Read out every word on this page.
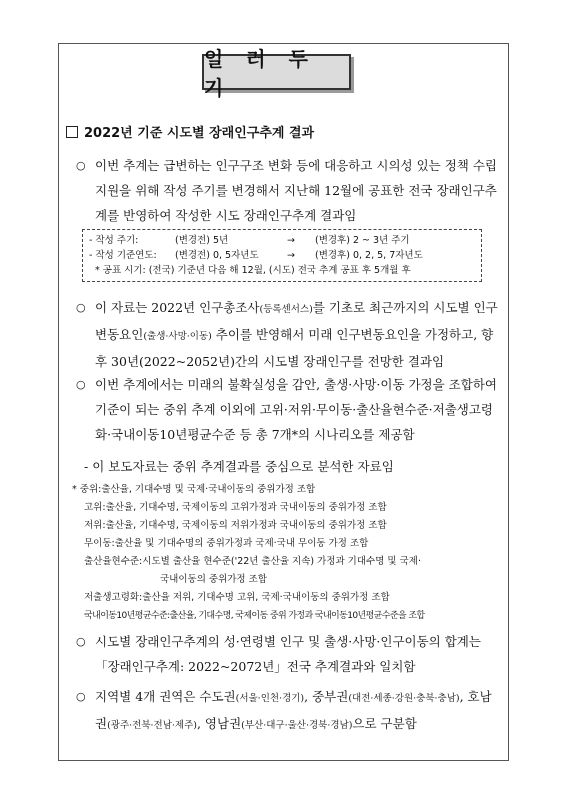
일 러 두 기
2022년 기준 시도별 장래인구추계 결과
○ 이번 추계는 급변하는 인구구조 변화 등에 대응하고 시의성 있는 정책 수립 지원을 위해 작성 주기를 변경해서 지난해 12월에 공표한 전국 장래인구추계를 반영하여 작성한 시도 장래인구추계 결과임
- 작성 주기:	(변경전) 5년	→	(변경후) 2 ~ 3년 주기
- 작성 기준연도:	(변경전) 0, 5자년도	→	(변경후) 0, 2, 5, 7자년도
* 공표 시기: (전국) 기준년 다음 해 12월, (시도) 전국 추계 공표 후 5개월 후
○ 이 자료는 2022년 인구총조사(등록센서스)를 기초로 최근까지의 시도별 인구변동요인(출생·사망·이동) 추이를 반영해서 미래 인구변동요인을 가정하고, 향후 30년(2022~2052년)간의 시도별 장래인구를 전망한 결과임
○ 이번 추계에서는 미래의 불확실성을 감안, 출생·사망·이동 가정을 조합하여 기준이 되는 중위 추계 이외에 고위·저위·무이동·출산율현수준·저출생고령화·국내이동10년평균수준 등 총 7개*의 시나리오를 제공함
- 이 보도자료는 중위 추계결과를 중심으로 분석한 자료임
* 중위: 출산율, 기대수명 및 국제·국내이동의 중위가정 조합
고위: 출산율, 기대수명, 국제이동의 고위가정과 국내이동의 중위가정 조합
저위: 출산율, 기대수명, 국제이동의 저위가정과 국내이동의 중위가정 조합
무이동: 출산율 및 기대수명의 중위가정과 국제·국내 무이동 가정 조합
출산율현수준: 시도별 출산율 현수준('22년 출산율 지속) 가정과 기대수명 및 국제·
국내이동의 중위가정 조합
저출생고령화: 출산율 저위, 기대수명 고위, 국제·국내이동의 중위가정 조합
국내이동10년평균수준: 출산율, 기대수명, 국제이동 중위 가정과 국내이동10년평균수준을 조합
○ 시도별 장래인구추계의 성·연령별 인구 및 출생·사망·인구이동의 합계는「장래인구추계: 2022~2072년」전국 추계결과와 일치함
○ 지역별 4개 권역은 수도권(서울·인천·경기), 중부권(대전·세종·강원·충북·충남), 호남권(광주·전북·전남·제주), 영남권(부산·대구·울산·경북·경남)으로 구분함
